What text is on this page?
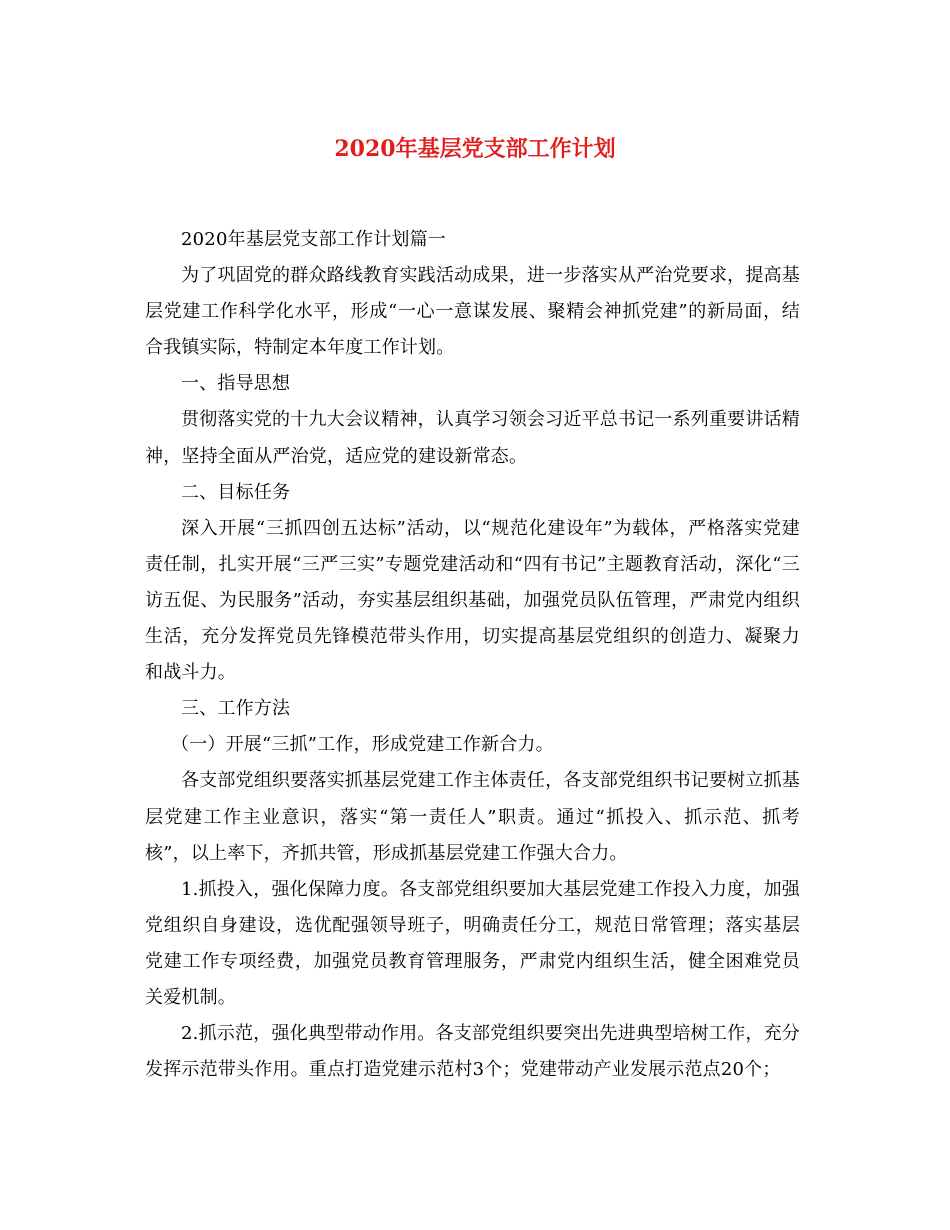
2020年基层党支部工作计划

2020年基层党支部工作计划篇一

为了巩固党的群众路线教育实践活动成果，进一步落实从严治党要求，提高基层党建工作科学化水平，形成“一心一意谋发展、聚精会神抓党建”的新局面，结合我镇实际，特制定本年度工作计划。

一、指导思想

贯彻落实党的十九大会议精神，认真学习领会习近平总书记一系列重要讲话精神，坚持全面从严治党，适应党的建设新常态。

二、目标任务

深入开展“三抓四创五达标”活动，以“规范化建设年”为载体，严格落实党建责任制，扎实开展“三严三实”专题党建活动和“四有书记”主题教育活动，深化“三访五促、为民服务”活动，夯实基层组织基础，加强党员队伍管理，严肃党内组织生活，充分发挥党员先锋模范带头作用，切实提高基层党组织的创造力、凝聚力和战斗力。

三、工作方法

（一）开展“三抓”工作，形成党建工作新合力。

各支部党组织要落实抓基层党建工作主体责任，各支部党组织书记要树立抓基层党建工作主业意识，落实“第一责任人”职责。通过“抓投入、抓示范、抓考核”，以上率下，齐抓共管，形成抓基层党建工作强大合力。

1.抓投入，强化保障力度。各支部党组织要加大基层党建工作投入力度，加强党组织自身建设，选优配强领导班子，明确责任分工，规范日常管理；落实基层党建工作专项经费，加强党员教育管理服务，严肃党内组织生活，健全困难党员关爱机制。

2.抓示范，强化典型带动作用。各支部党组织要突出先进典型培树工作，充分发挥示范带头作用。重点打造党建示范村3个；党建带动产业发展示范点20个；
